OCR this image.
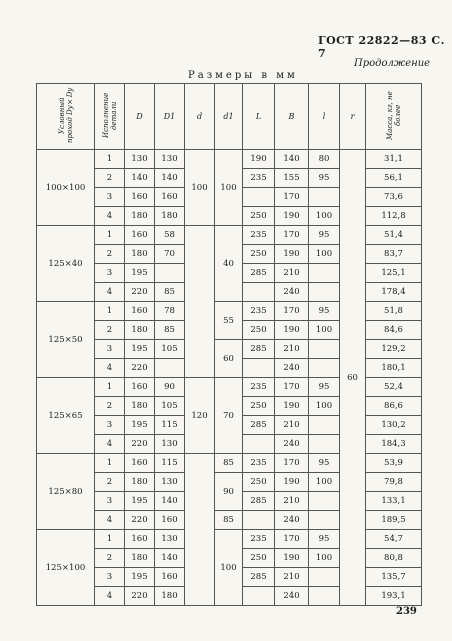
ГОСТ 22822—83 С. 7
Продолжение
Размеры в мм
Условный проход Dу×Dу	Исполнение детали	D	D1	d	d1	L	B	l	r	Масса, кг, не более
100×100	1	130	130	100	100	190	140	80	60	31,1
	2	140	140			235	155	95		56,1
	3	160	160				170			73,6
	4	180	180			250	190	100		112,8
125×40	1	160	58		40	235	170	95		51,4
	2	180	70			250	190	100		83,7
	3	195				285	210			125,1
	4	220	85				240			178,4
125×50	1	160	78		55	235	170	95		51,8
	2	180	85			250	190	100		84,6
	3	195	105		60	285	210			129,2
	4	220					240			180,1
125×65	1	160	90	120	70	235	170	95		52,4
	2	180	105			250	190	100		86,6
	3	195	115			285	210			130,2
	4	220	130				240			184,3
125×80	1	160	115		85	235	170	95		53,9
	2	180	130		90	250	190	100		79,8
	3	195	140			285	210			133,1
	4	220	160		85		240			189,5
125×100	1	160	130		100	235	170	95		54,7
	2	180	140			250	190	100		80,8
	3	195	160			285	210			135,7
	4	220	180				240			193,1
239
